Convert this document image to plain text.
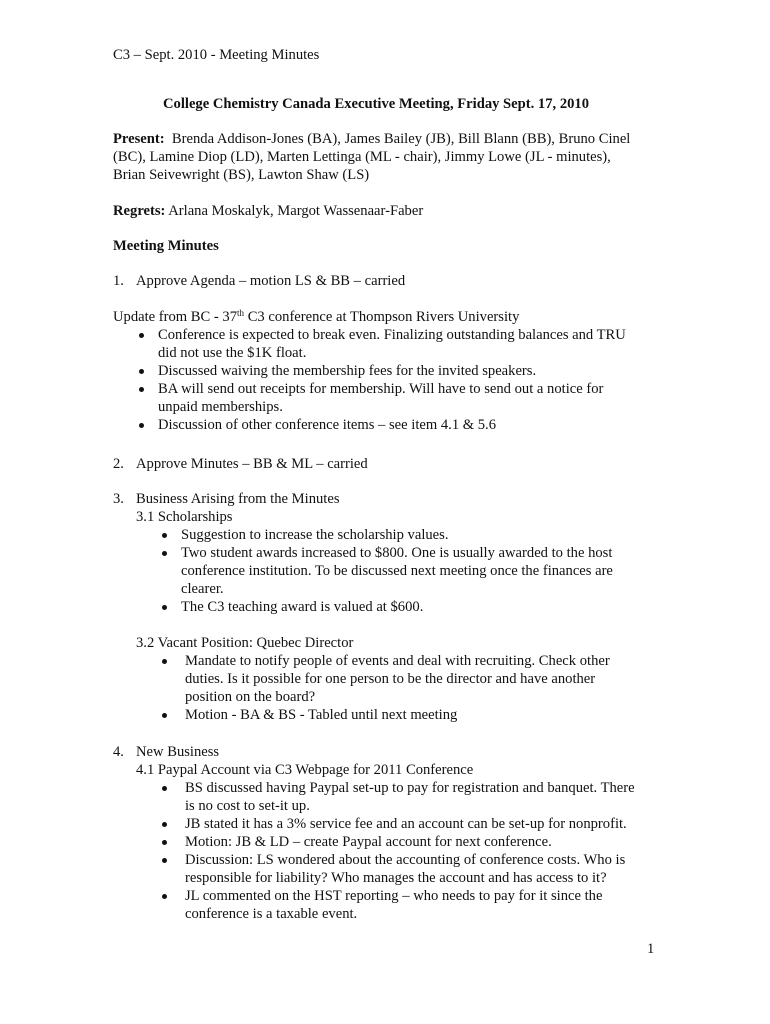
C3 – Sept. 2010 - Meeting Minutes
College Chemistry Canada Executive Meeting, Friday Sept. 17, 2010
Present: Brenda Addison-Jones (BA), James Bailey (JB), Bill Blann (BB), Bruno Cinel
(BC), Lamine Diop (LD), Marten Lettinga (ML - chair), Jimmy Lowe (JL - minutes),
Brian Seivewright (BS), Lawton Shaw (LS)
Regrets: Arlana Moskalyk, Margot Wassenaar-Faber
Meeting Minutes
1. Approve Agenda – motion LS & BB – carried
Update from BC - 37th C3 conference at Thompson Rivers University
Conference is expected to break even. Finalizing outstanding balances and TRU
did not use the $1K float.
Discussed waiving the membership fees for the invited speakers.
BA will send out receipts for membership. Will have to send out a notice for
unpaid memberships.
Discussion of other conference items – see item 4.1 & 5.6
2. Approve Minutes – BB & ML – carried
3. Business Arising from the Minutes
3.1 Scholarships
Suggestion to increase the scholarship values.
Two student awards increased to $800. One is usually awarded to the host
conference institution. To be discussed next meeting once the finances are
clearer.
The C3 teaching award is valued at $600.
3.2 Vacant Position: Quebec Director
Mandate to notify people of events and deal with recruiting. Check other
duties. Is it possible for one person to be the director and have another
position on the board?
Motion - BA & BS - Tabled until next meeting
4. New Business
4.1 Paypal Account via C3 Webpage for 2011 Conference
BS discussed having Paypal set-up to pay for registration and banquet. There
is no cost to set-it up.
JB stated it has a 3% service fee and an account can be set-up for nonprofit.
Motion: JB & LD – create Paypal account for next conference.
Discussion: LS wondered about the accounting of conference costs. Who is
responsible for liability? Who manages the account and has access to it?
JL commented on the HST reporting – who needs to pay for it since the
conference is a taxable event.
1
